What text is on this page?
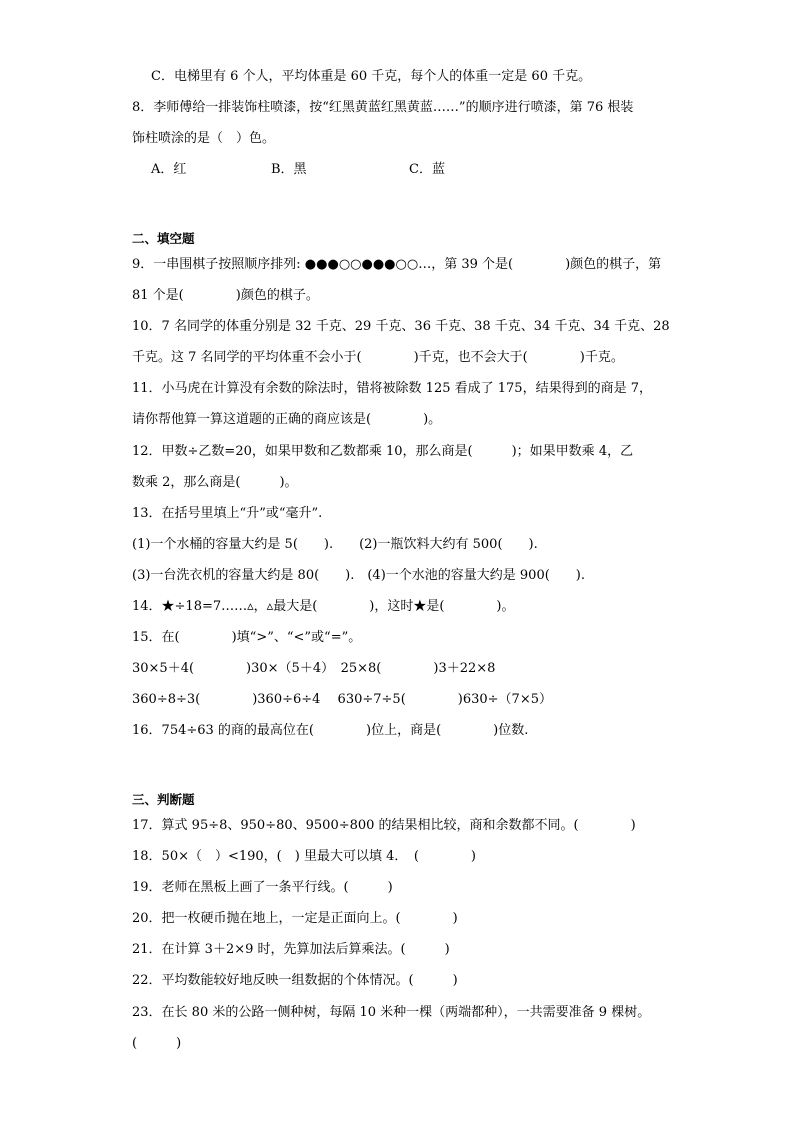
C．电梯里有 6 个人，平均体重是 60 千克，每个人的体重一定是 60 千克。
8．李师傅给一排装饰柱喷漆，按“红黑黄蓝红黑黄蓝……”的顺序进行喷漆，第 76 根装
饰柱喷涂的是（　）色。
A．红	B．黑	C．蓝
二、填空题
9．一串围棋子按照顺序排列: ●●●○○●●●○○…，第 39 个是(　　　　)颜色的棋子，第
81 个是(　　　　)颜色的棋子。
10．7 名同学的体重分别是 32 千克、29 千克、36 千克、38 千克、34 千克、34 千克、28
千克。这 7 名同学的平均体重不会小于(　　　　)千克，也不会大于(　　　　)千克。
11．小马虎在计算没有余数的除法时，错将被除数 125 看成了 175，结果得到的商是 7，
请你帮他算一算这道题的正确的商应该是(　　　　)。
12．甲数÷乙数=20，如果甲数和乙数都乘 10，那么商是(　　　)；如果甲数乘 4，乙
数乘 2，那么商是(　　　)。
13．在括号里填上“升”或“毫升”.
(1)一个水桶的容量大约是 5(　　).　　(2)一瓶饮料大约有 500(　　).
(3)一台洗衣机的容量大约是 80(　　).　(4)一个水池的容量大约是 900(　　).
14．★÷18=7……▵，▵最大是(　　　　)，这时★是(　　　　)。
15．在(　　　　)填“>”、“<”或“=”。
30×5＋4(　　　　)30×（5＋4）　25×8(　　　　)3＋22×8
360÷8÷3(　　　　)360÷6÷4　 630÷7÷5(　　　　)630÷（7×5）
16．754÷63 的商的最高位在(　　　　)位上，商是(　　　　)位数.
三、判断题
17．算式 95÷8、950÷80、9500÷800 的结果相比较，商和余数都不同。(　　　　)
18．50×（　）<190，(　) 里最大可以填 4．　(　　　　)
19．老师在黑板上画了一条平行线。(　　　)
20．把一枚硬币抛在地上，一定是正面向上。(　　　　)
21．在计算 3＋2×9 时，先算加法后算乘法。(　　　)
22．平均数能较好地反映一组数据的个体情况。(　　　)
23．在长 80 米的公路一侧种树，每隔 10 米种一棵（两端都种），一共需要准备 9 棵树。
(　　　)
